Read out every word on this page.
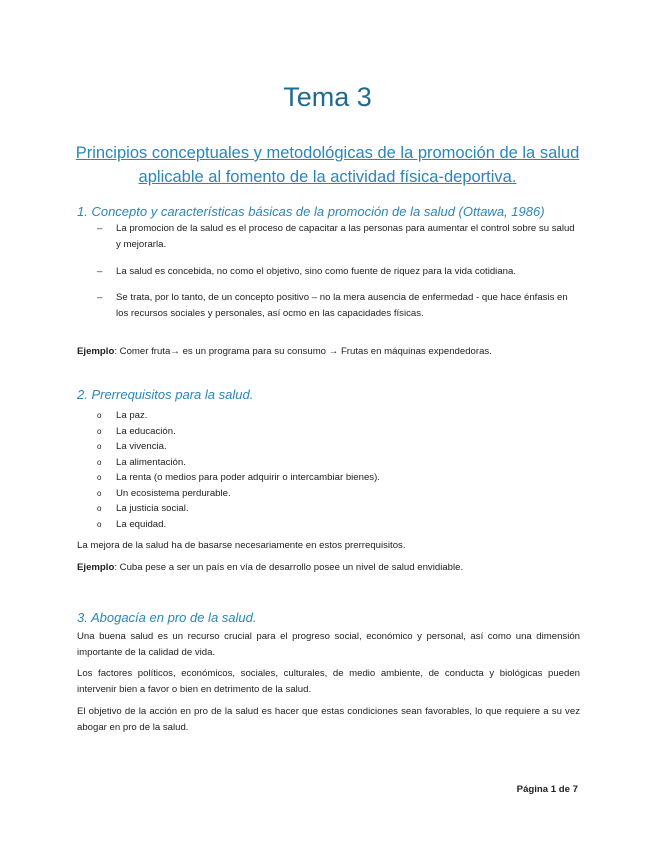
Tema 3
Principios conceptuales y metodológicas de la promoción de la salud aplicable al fomento de la actividad física-deportiva.
1. Concepto y características básicas de la promoción de la salud (Ottawa, 1986)
– La promocion de la salud es el proceso de capacitar a las personas para aumentar el control sobre su salud y mejorarla.
– La salud es concebida, no como el objetivo, sino como fuente de riquez para la vida cotidiana.
– Se trata, por lo tanto, de un concepto positivo – no la mera ausencia de enfermedad - que hace énfasis en los recursos sociales y personales, así ocmo en las capacidades físicas.
Ejemplo: Comer fruta→ es un programa para su consumo → Frutas en máquinas expendedoras.
2. Prerrequisitos para la salud.
o La paz.
o La educación.
o La vivencia.
o La alimentación.
o La renta (o medios para poder adquirir o intercambiar bienes).
o Un ecosistema perdurable.
o La justicia social.
o La equidad.
La mejora de la salud ha de basarse necesariamente en estos prerrequisitos.
Ejemplo: Cuba pese a ser un país en vía de desarrollo posee un nivel de salud envidiable.
3. Abogacía en pro de la salud.
Una buena salud es un recurso crucial para el progreso social, económico y personal, así como una dimensión importante de la calidad de vida.
Los factores políticos, económicos, sociales, culturales, de medio ambiente, de conducta y biológicas pueden intervenir bien a favor o bien en detrimento de la salud.
El objetivo de la acción en pro de la salud es hacer que estas condiciones sean favorables, lo que requiere a su vez abogar en pro de la salud.
Página 1 de 7
